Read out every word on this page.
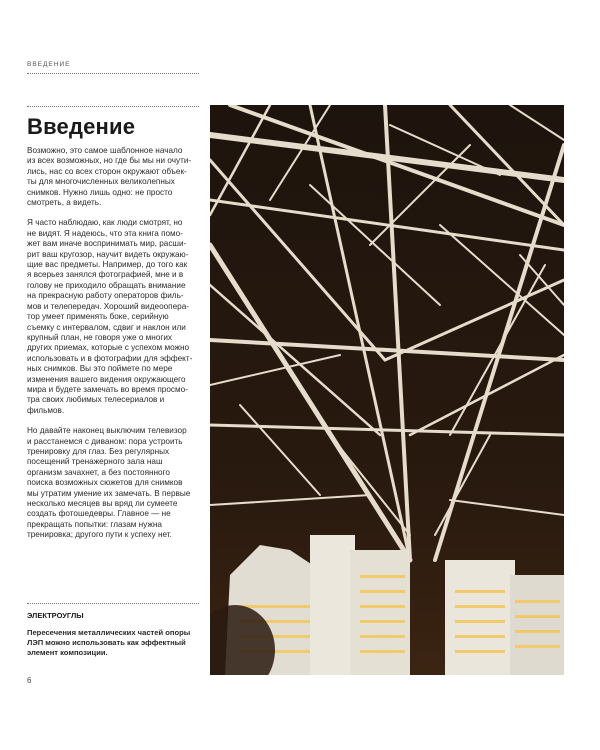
ВВЕДЕНИЕ
Введение

Возможно, это самое шаблонное начало
из всех возможных, но где бы мы ни очути-
лись, нас со всех сторон окружают объек-
ты для многочисленных великолепных
снимков. Нужно лишь одно: не просто
смотреть, а видеть.

Я часто наблюдаю, как люди смотрят, но
не видят. Я надеюсь, что эта книга помо-
жет вам иначе воспринимать мир, расши-
рит ваш кругозор, научит видеть окружаю-
щие вас предметы. Например, до того как
я всерьез занялся фотографией, мне и в
голову не приходило обращать внимание
на прекрасную работу операторов филь-
мов и телепередач. Хороший видеоопера-
тор умеет применять боке, серийную
съемку с интервалом, сдвиг и наклон или
крупный план, не говоря уже о многих
других приемах, которые с успехом можно
использовать и в фотографии для эффект-
ных снимков. Вы это поймете по мере
изменения вашего видения окружающего
мира и будете замечать во время просмо-
тра своих любимых телесериалов и
фильмов.

Но давайте наконец выключим телевизор
и расстанемся с диваном: пора устроить
тренировку для глаз. Без регулярных
посещений тренажерного зала наш
организм зачахнет, а без постоянного
поиска возможных сюжетов для снимков
мы утратим умение их замечать. В первые
несколько месяцев вы вряд ли сумеете
создать фотошедевры. Главное — не
прекращать попытки: глазам нужна
тренировка; другого пути к успеху нет.

ЭЛЕКТРОУГЛЫ
Пересечения металлических частей опоры
ЛЭП можно использовать как эффектный
элемент композиции.
6
